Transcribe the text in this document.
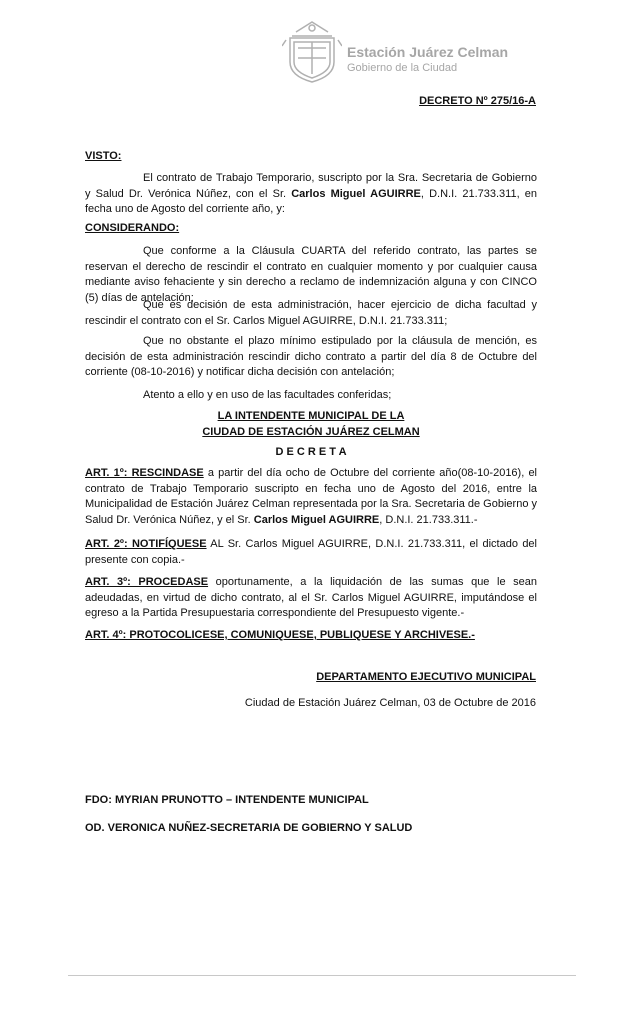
Estación Juárez Celman
Gobierno de la Ciudad
DECRETO Nº 275/16-A
VISTO:

El contrato de Trabajo Temporario, suscripto por la Sra. Secretaria de Gobierno y Salud Dr. Verónica Núñez, con el Sr. Carlos Miguel AGUIRRE, D.N.I. 21.733.311, en fecha uno de Agosto del corriente año, y:

CONSIDERANDO:

Que conforme a la Cláusula CUARTA del referido contrato, las partes se reservan el derecho de rescindir el contrato en cualquier momento y por cualquier causa mediante aviso fehaciente y sin derecho a reclamo de indemnización alguna y con CINCO (5) días de antelación;

Que es decisión de esta administración, hacer ejercicio de dicha facultad y rescindir el contrato con el Sr. Carlos Miguel AGUIRRE, D.N.I. 21.733.311;

Que no obstante el plazo mínimo estipulado por la cláusula de mención, es decisión de esta administración rescindir dicho contrato a partir del día 8 de Octubre del corriente (08-10-2016) y notificar dicha decisión con antelación;

Atento a ello y en uso de las facultades conferidas;

LA INTENDENTE MUNICIPAL DE LA
CIUDAD DE ESTACIÓN JUÁREZ CELMAN
D E C R E T A

ART. 1º: RESCINDASE a partir del día ocho de Octubre del corriente año(08-10-2016), el contrato de Trabajo Temporario suscripto en fecha uno de Agosto del 2016, entre la Municipalidad de Estación Juárez Celman representada por la Sra. Secretaria de Gobierno y Salud Dr. Verónica Núñez, y el Sr. Carlos Miguel AGUIRRE, D.N.I. 21.733.311.-

ART. 2º: NOTIFÍQUESE AL Sr. Carlos Miguel AGUIRRE, D.N.I. 21.733.311, el dictado del presente con copia.-

ART. 3º: PROCEDASE oportunamente, a la liquidación de las sumas que le sean adeudadas, en virtud de dicho contrato, al el Sr. Carlos Miguel AGUIRRE, imputándose el egreso a la Partida Presupuestaria correspondiente del Presupuesto vigente.-

ART. 4º: PROTOCOLICESE, COMUNIQUESE, PUBLIQUESE Y ARCHIVESE.-

DEPARTAMENTO EJECUTIVO MUNICIPAL
Ciudad de Estación Juárez Celman, 03 de Octubre de 2016
FDO: MYRIAN PRUNOTTO – INTENDENTE MUNICIPAL
OD. VERONICA NUÑEZ-SECRETARIA DE GOBIERNO Y SALUD
